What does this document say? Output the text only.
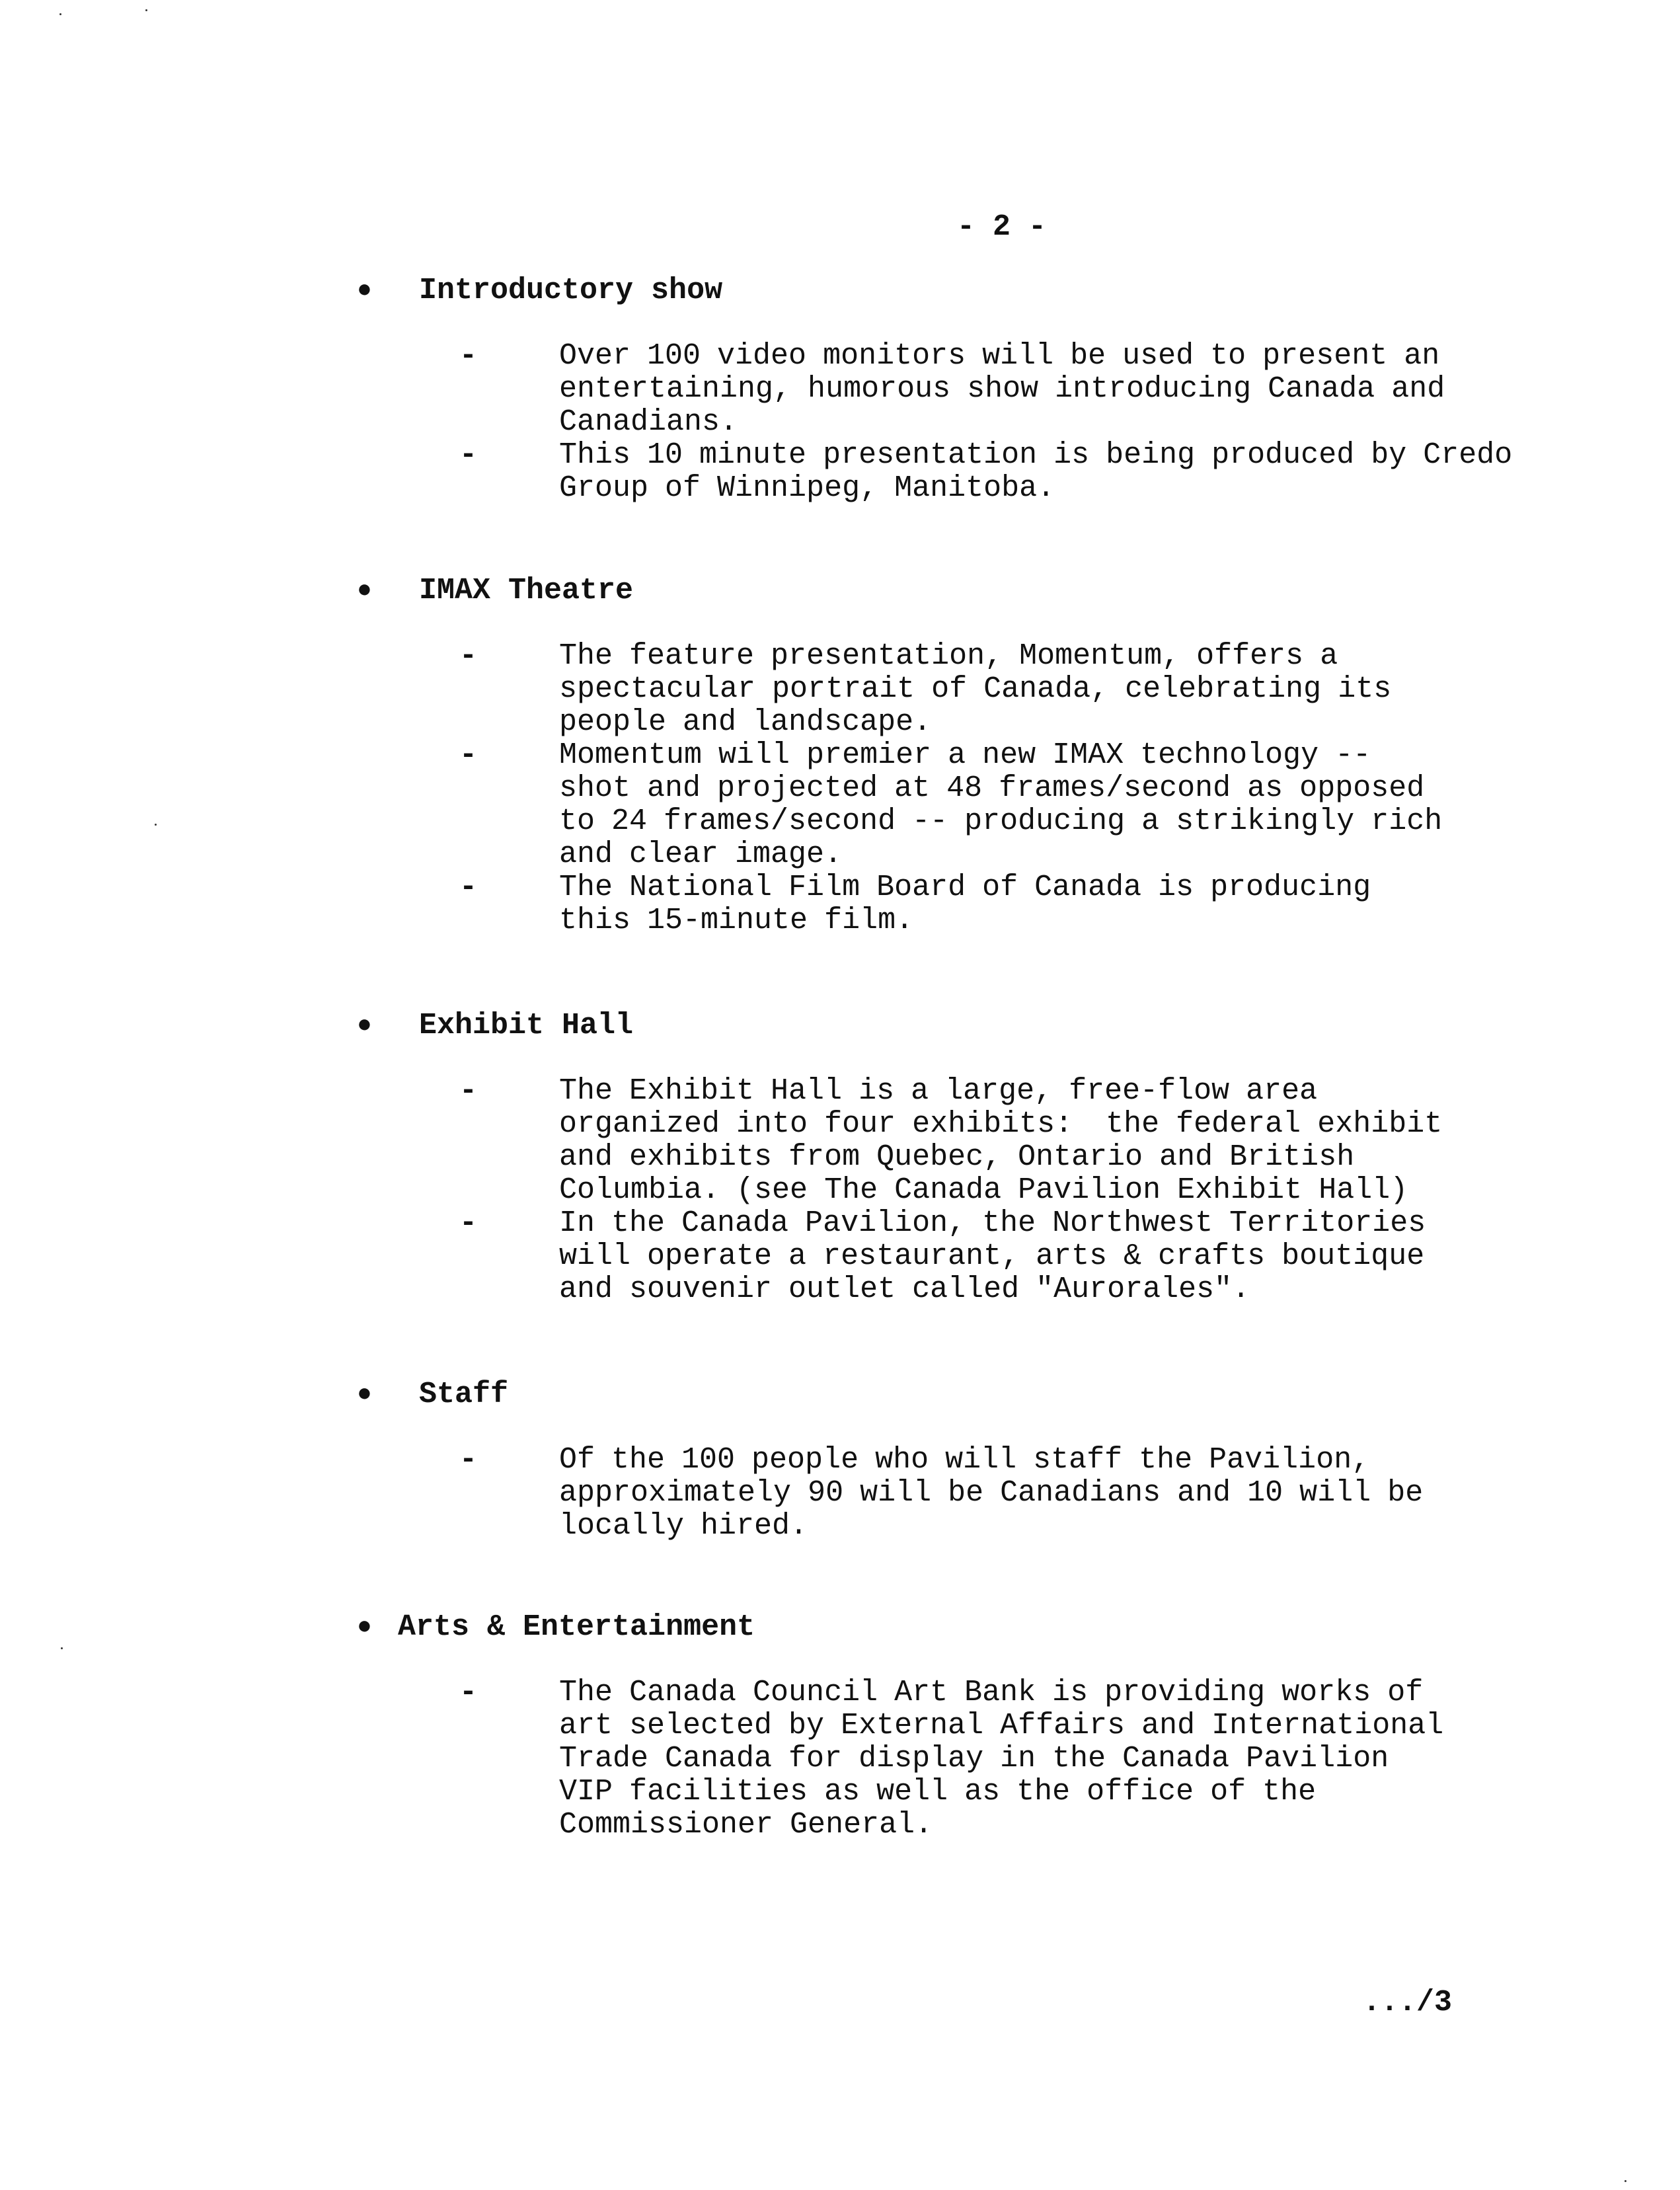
- 2 -
● Introductory show
-	Over 100 video monitors will be used to present an
entertaining, humorous show introducing Canada and
Canadians.
-	This 10 minute presentation is being produced by Credo
Group of Winnipeg, Manitoba.
● IMAX Theatre
-	The feature presentation, Momentum, offers a
spectacular portrait of Canada, celebrating its
people and landscape.
-	Momentum will premier a new IMAX technology --
shot and projected at 48 frames/second as opposed
to 24 frames/second -- producing a strikingly rich
and clear image.
-	The National Film Board of Canada is producing
this 15-minute film.
● Exhibit Hall
-	The Exhibit Hall is a large, free-flow area
organized into four exhibits:  the federal exhibit
and exhibits from Quebec, Ontario and British
Columbia. (see The Canada Pavilion Exhibit Hall)
-	In the Canada Pavilion, the Northwest Territories
will operate a restaurant, arts & crafts boutique
and souvenir outlet called "Aurorales".
● Staff
-	Of the 100 people who will staff the Pavilion,
approximately 90 will be Canadians and 10 will be
locally hired.
● Arts & Entertainment
-	The Canada Council Art Bank is providing works of
art selected by External Affairs and International
Trade Canada for display in the Canada Pavilion
VIP facilities as well as the office of the
Commissioner General.
.../3
